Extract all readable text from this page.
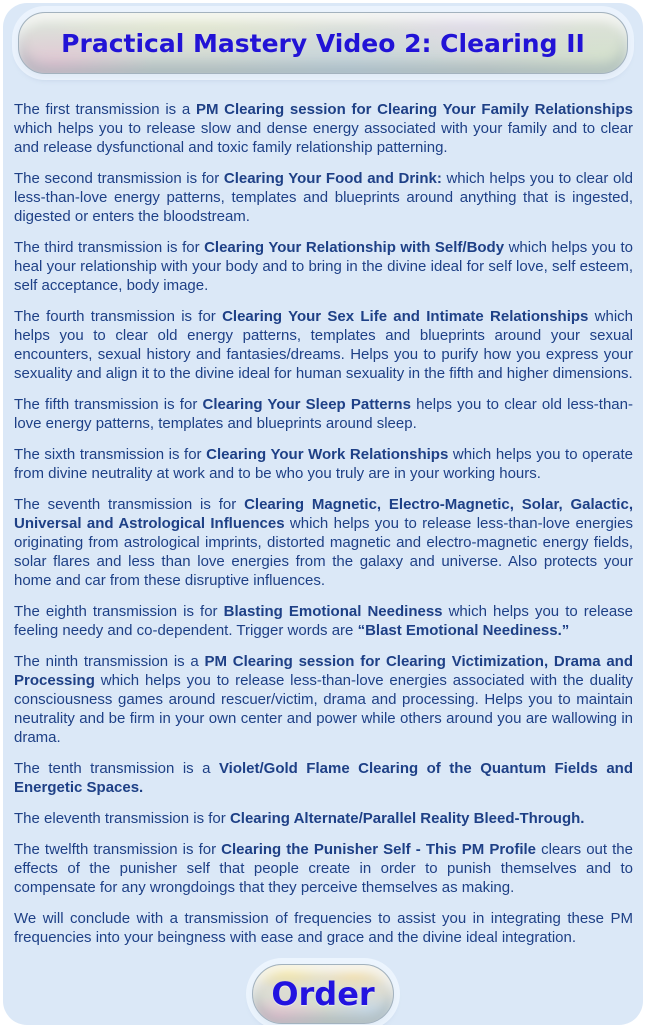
Practical Mastery Video 2: Clearing II

The first transmission is a PM Clearing session for Clearing Your Family Relationships which helps you to release slow and dense energy associated with your family and to clear and release dysfunctional and toxic family relationship patterning.

The second transmission is for Clearing Your Food and Drink: which helps you to clear old less-than-love energy patterns, templates and blueprints around anything that is ingested, digested or enters the bloodstream.

The third transmission is for Clearing Your Relationship with Self/Body which helps you to heal your relationship with your body and to bring in the divine ideal for self love, self esteem, self acceptance, body image.

The fourth transmission is for Clearing Your Sex Life and Intimate Relationships which helps you to clear old energy patterns, templates and blueprints around your sexual encounters, sexual history and fantasies/dreams. Helps you to purify how you express your sexuality and align it to the divine ideal for human sexuality in the fifth and higher dimensions.

The fifth transmission is for Clearing Your Sleep Patterns helps you to clear old less-than-love energy patterns, templates and blueprints around sleep.

The sixth transmission is for Clearing Your Work Relationships which helps you to operate from divine neutrality at work and to be who you truly are in your working hours.

The seventh transmission is for Clearing Magnetic, Electro-Magnetic, Solar, Galactic, Universal and Astrological Influences which helps you to release less-than-love energies originating from astrological imprints, distorted magnetic and electro-magnetic energy fields, solar flares and less than love energies from the galaxy and universe. Also protects your home and car from these disruptive influences.

The eighth transmission is for Blasting Emotional Neediness which helps you to release feeling needy and co-dependent. Trigger words are “Blast Emotional Neediness.”

The ninth transmission is a PM Clearing session for Clearing Victimization, Drama and Processing which helps you to release less-than-love energies associated with the duality consciousness games around rescuer/victim, drama and processing. Helps you to maintain neutrality and be firm in your own center and power while others around you are wallowing in drama.

The tenth transmission is a Violet/Gold Flame Clearing of the Quantum Fields and Energetic Spaces.

The eleventh transmission is for Clearing Alternate/Parallel Reality Bleed-Through.

The twelfth transmission is for Clearing the Punisher Self - This PM Profile clears out the effects of the punisher self that people create in order to punish themselves and to compensate for any wrongdoings that they perceive themselves as making.

We will conclude with a transmission of frequencies to assist you in integrating these PM frequencies into your beingness with ease and grace and the divine ideal integration.

Order
